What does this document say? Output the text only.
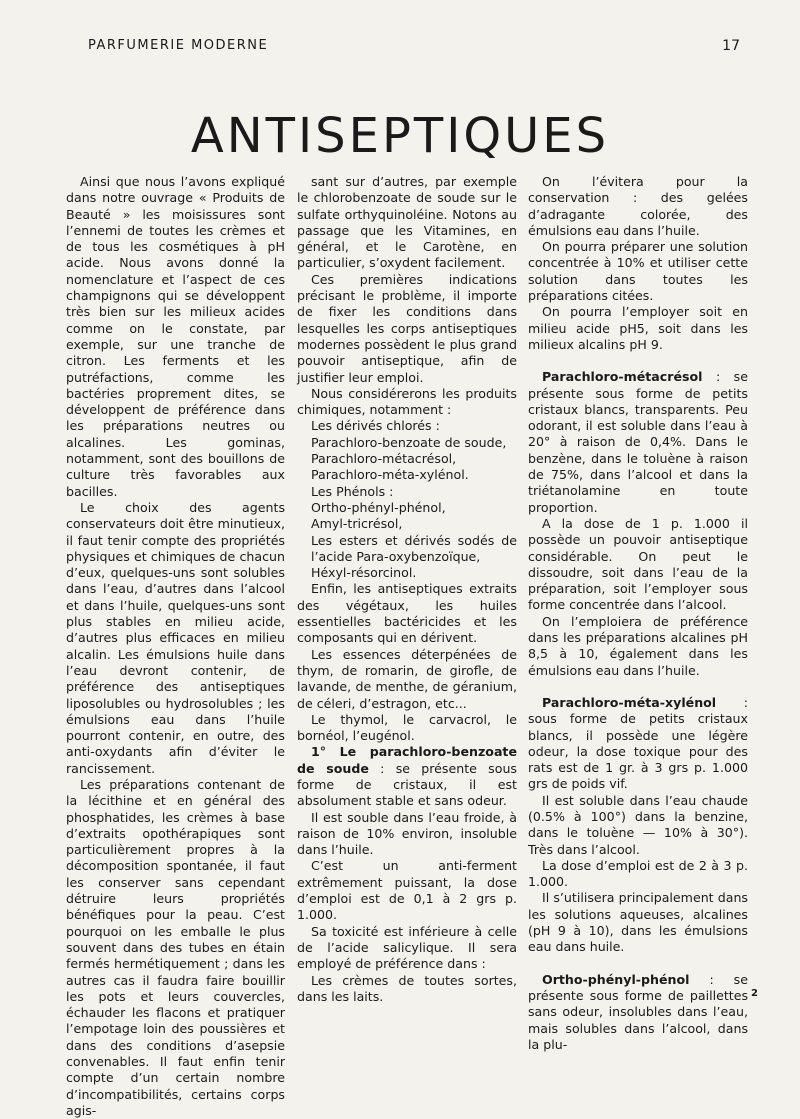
PARFUMERIE MODERNE	17
ANTISEPTIQUES

Ainsi que nous l’avons expliqué dans notre ouvrage « Produits de Beauté » les moisissures sont l’ennemi de toutes les crèmes et de tous les cosmétiques à pH acide. Nous avons donné la nomenclature et l’aspect de ces champignons qui se développent très bien sur les milieux acides comme on le constate, par exemple, sur une tranche de citron. Les ferments et les putréfactions, comme les bactéries proprement dites, se développent de préférence dans les préparations neutres ou alcalines. Les gominas, notamment, sont des bouillons de culture très favorables aux bacilles.

Le choix des agents conservateurs doit être minutieux, il faut tenir compte des propriétés physiques et chimiques de chacun d’eux, quelques-uns sont solubles dans l’eau, d’autres dans l’alcool et dans l’huile, quelques-uns sont plus stables en milieu acide, d’autres plus efficaces en milieu alcalin. Les émulsions huile dans l’eau devront contenir, de préférence des antiseptiques liposolubles ou hydrosolubles ; les émulsions eau dans l’huile pourront contenir, en outre, des anti-oxydants afin d’éviter le rancissement.

Les préparations contenant de la lécithine et en général des phosphatides, les crèmes à base d’extraits opothérapiques sont particulièrement propres à la décomposition spontanée, il faut les conserver sans cependant détruire leurs propriétés bénéfiques pour la peau. C’est pourquoi on les emballe le plus souvent dans des tubes en étain fermés hermétiquement ; dans les autres cas il faudra faire bouillir les pots et leurs couvercles, échauder les flacons et pratiquer l’empotage loin des poussières et dans des conditions d’asepsie convenables. Il faut enfin tenir compte d’un certain nombre d’incompatibilités, certains corps agis-

sant sur d’autres, par exemple le chlorobenzoate de soude sur le sulfate orthyquinoléine. Notons au passage que les Vitamines, en général, et le Carotène, en particulier, s’oxydent facilement.

Ces premières indications précisant le problème, il importe de fixer les conditions dans lesquelles les corps antiseptiques modernes possèdent le plus grand pouvoir antiseptique, afin de justifier leur emploi.

Nous considérerons les produits chimiques, notamment :

Les dérivés chlorés :

Parachloro-benzoate de soude,

Parachloro-métacrésol,

Parachloro-méta-xylénol.

Les Phénols :

Ortho-phényl-phénol,

Amyl-tricrésol,

Les esters et dérivés sodés de l’acide Para-oxybenzoïque,

Héxyl-résorcinol.

Enfin, les antiseptiques extraits des végétaux, les huiles essentielles bactéricides et les composants qui en dérivent.

Les essences déterpénées de thym, de romarin, de girofle, de lavande, de menthe, de géranium, de céleri, d’estragon, etc...

Le thymol, le carvacrol, le bornéol, l’eugénol.

1° Le parachloro-benzoate de soude : se présente sous forme de cristaux, il est absolument stable et sans odeur.

Il est souble dans l’eau froide, à raison de 10% environ, insoluble dans l’huile.

C’est un anti-ferment extrêmement puissant, la dose d’emploi est de 0,1 à 2 grs p. 1.000.

Sa toxicité est inférieure à celle de l’acide salicylique. Il sera employé de préférence dans :

Les crèmes de toutes sortes, dans les laits.

On l’évitera pour la conservation : des gelées d’adragante colorée, des émulsions eau dans l’huile.

On pourra préparer une solution concentrée à 10% et utiliser cette solution dans toutes les préparations citées.

On pourra l’employer soit en milieu acide pH5, soit dans les milieux alcalins pH 9.

Parachloro-métacrésol : se présente sous forme de petits cristaux blancs, transparents. Peu odorant, il est soluble dans l’eau à 20° à raison de 0,4%. Dans le benzène, dans le toluène à raison de 75%, dans l’alcool et dans la triétanolamine en toute proportion.

A la dose de 1 p. 1.000 il possède un pouvoir antiseptique considérable. On peut le dissoudre, soit dans l’eau de la préparation, soit l’employer sous forme concentrée dans l’alcool.

On l’emploiera de préférence dans les préparations alcalines pH 8,5 à 10, également dans les émulsions eau dans l’huile.

Parachloro-méta-xylénol : sous forme de petits cristaux blancs, il possède une légère odeur, la dose toxique pour des rats est de 1 gr. à 3 grs p. 1.000 grs de poids vif.

Il est soluble dans l’eau chaude (0.5% à 100°) dans la benzine, dans le toluène — 10% à 30°). Très dans l’alcool.

La dose d’emploi est de 2 à 3 p. 1.000.

Il s’utilisera principalement dans les solutions aqueuses, alcalines (pH 9 à 10), dans les émulsions eau dans huile.

Ortho-phényl-phénol : se présente sous forme de paillettes sans odeur, insolubles dans l’eau, mais solubles dans l’alcool, dans la plu-

2
